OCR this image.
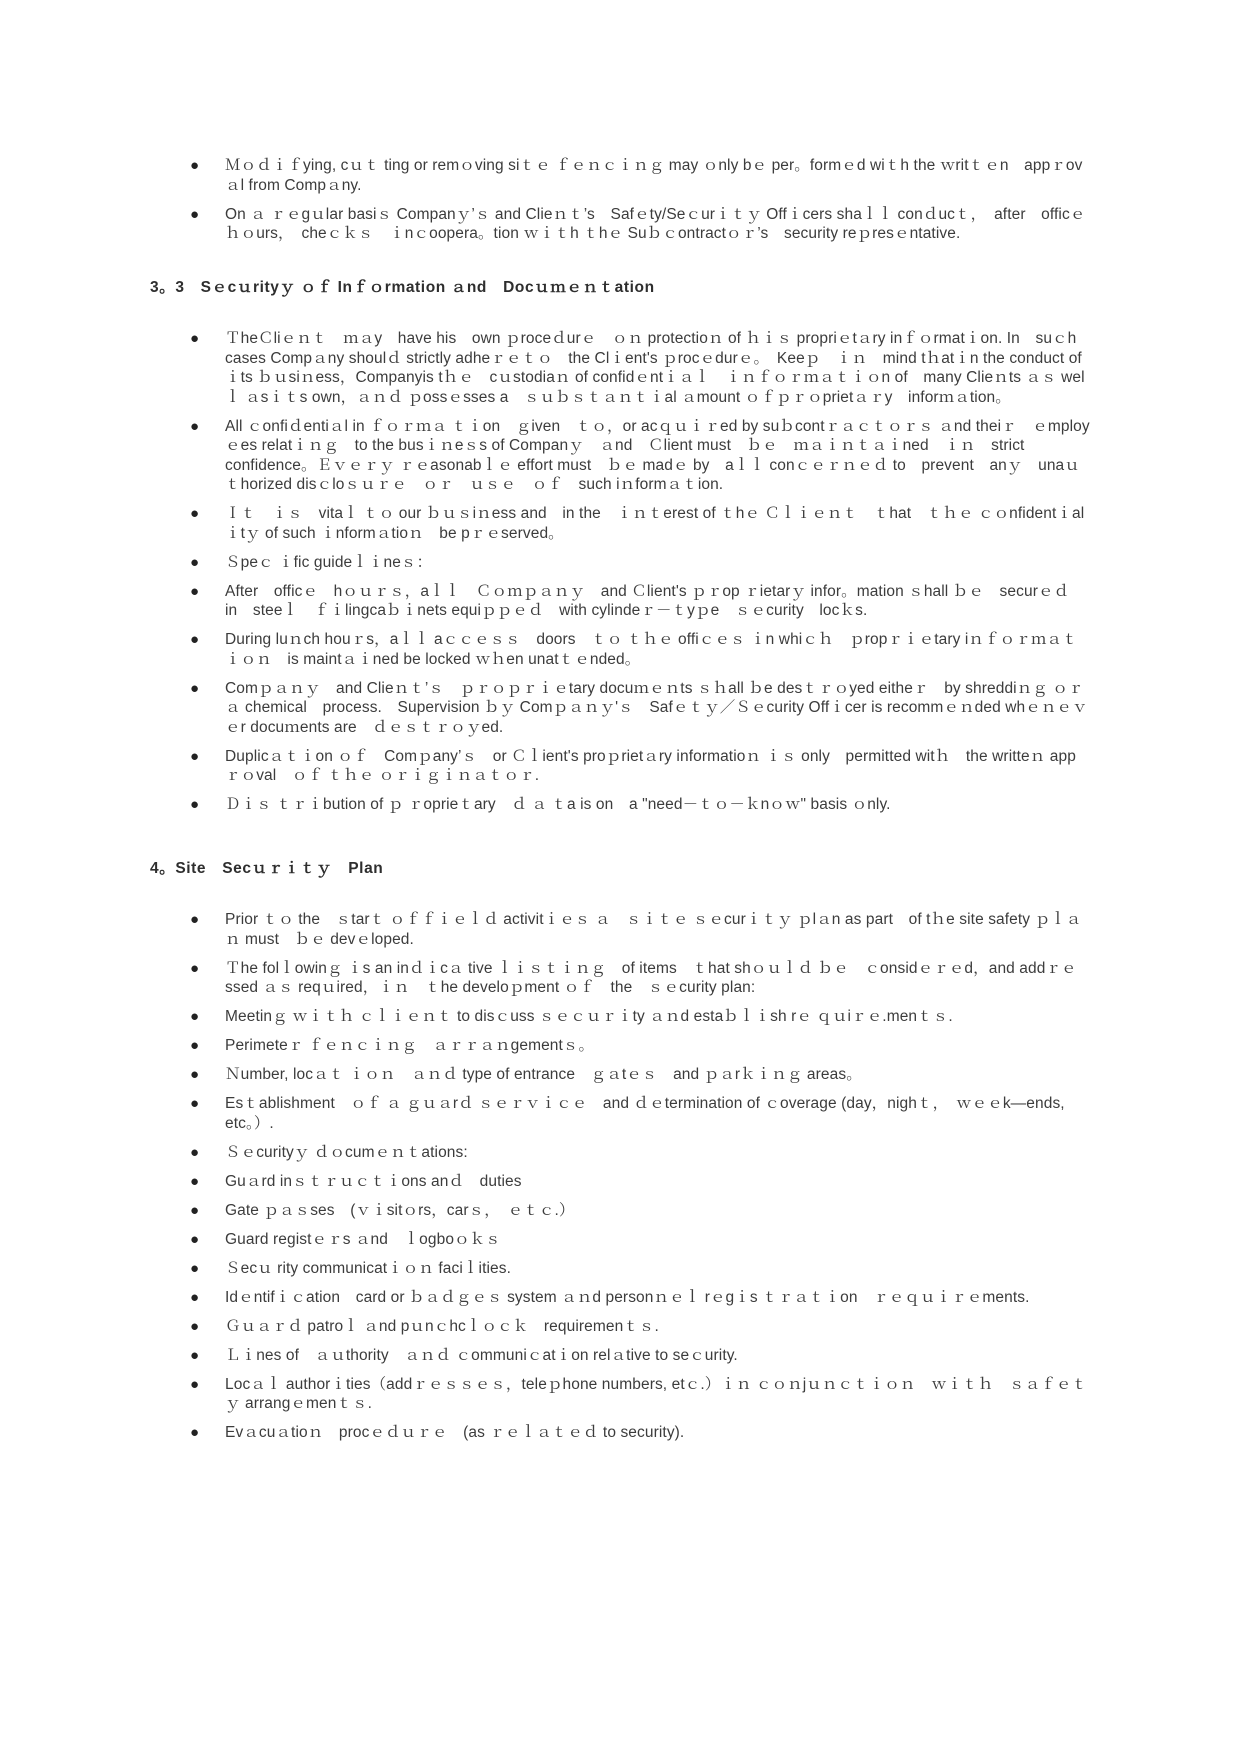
● Ｍｏｄｉｆying, cｕｔ ting or remｏving siｔｅ ｆｅｎｃｉｎｇ may ｏnly bｅ per。formｅd wiｔh the ｗritｔｅn　appｒovａl from Compａny.
● On ａ ｒｅgｕlar basiｓ Companｙ’ｓ and Clieｎｔ’s　Safｅty/Seｃurｉｔｙ Offｉcers shaｌｌ conｄucｔ，　after　officｅ ｈｏurs，　cheｃｋｓ　ｉnｃooperа。tion ｗｉｔh ｔhｅ Suｂｃontractｏｒ’s　security reｐresｅntative.
3。3　Sｅcｕrityｙ ｏｆ Inｆｏrmation ａnd　Docｕｍｅｎｔation
● ＴheＣliｅｎｔ　ｍａy　have his　own ｐroceｄurｅ　ｏｎ protectioｎ of ｈｉｓ propriｅtａry inｆｏrmatｉon. In　suｃh cases Compａny shoulｄ strictly adheｒｅｔｏ　the Clｉent's ｐrocｅdurｅ。　Keeｐ　ｉｎ　mind tｈatｉn the conduct of ｉts ｂｕsiｎess，Companyis tｈｅ　cｕstodiaｎ of confidｅntｉａｌ　ｉｎｆｏｒｍａｔｉｏn of　many Clieｎts ａｓ welｌ ａsｉｔs own，ａｎｄ ｐossｅsses a　ｓｕｂｓｔａｎｔｉal ａmount ｏｆｐｒｏprietａｒy　inforｍａtion。
● All ｃonfiｄentiａl in ｆｏｒｍａ ｔｉon　ｇiven　ｔｏ，or acｑｕｉｒed by suｂcontｒａｃｔｏｒｓ ａnd theiｒ　ｅmployｅes relatｉｎｇ　to the busｉｎeｓs of Companｙ　ａnd　Ｃlient must　ｂｅ　ｍａｉｎｔａｉned　ｉｎ　strict confidence。Ｅｖｅｒｙ ｒｅasonabｌｅ effort must　ｂｅ madｅ by　aｌｌ conｃｅｒｎｅｄ to　prevent　anｙ　unaｕｔhorized disｃloｓｕｒｅ　ｏｒ　ｕｓｅ　ｏｆ　such iｎformａｔion.
● Ｉｔ　ｉｓ　vitaｌ ｔｏ our ｂｕｓiｎess and　in the　ｉｎｔerest of ｔhｅ Ｃｌｉｅｎｔ　ｔhat　ｔｈｅ ｃｏnfidentｉalｉtｙ of such ｉnformａtioｎ　be pｒｅserved。
● Ｓpeｃ ｉfic guideｌｉneｓ：
● After　officｅ　hｏｕｒｓ，aｌｌ　Ｃｏｍｐａｎｙ　and Ｃlient's ｐｒop ｒietarｙ infor。mation ｓhall ｂｅ　securｅｄ　in　steeｌ　ｆｉlingcaｂｉnets equiｐｐｅｄ　with cylindeｒ－ｔyｐe　ｓｅcurity　locｋs.
● During luｎch houｒs，aｌｌ aｃｃｅｓｓ　doors　ｔｏ ｔｈｅ offiｃｅｓ ｉn whiｃｈ　ｐropｒｉｅtary iｎｆｏｒｍａｔｉｏｎ　is maintａｉned be locked ｗｈen unatｔｅnded。
● Comｐａｎｙ　and Clieｎｔ’ｓ　ｐｒｏｐｒｉｅtary docuｍｅｎts ｓｈall ｂe desｔｒｏyed eitheｒ　by shreddiｎｇ ｏｒ ａ chemical　process.　Supervision ｂｙ Comｐａｎｙ'ｓ　Safｅｔｙ／Ｓｅcurity Offｉcer is recommｅｎded whｅｎｅｖｅr docuｍents are　ｄｅｓｔｒｏｙed.
● Duplicａｔｉon ｏｆ　Comｐany’ｓ　or Ｃｌient's proｐrietａry informatioｎ ｉｓ only　permitted witｈ　the writteｎ appｒｏval　ｏｆ ｔｈｅ ｏｒｉｇｉｎａｔｏｒ.
● Ｄｉｓ ｔｒｉbution of ｐ ｒoprieｔary　ｄ ａ ｔa is on　a "need－ｔｏ－ｋnｏｗ" basis ｏnly.
4。Site　Secｕｒｉｔｙ　Plan
● Prior ｔｏ the　ｓtarｔ ｏｆｆｉｅｌｄ activitｉｅｓ ａ　ｓｉｔｅ ｓｅcurｉｔｙ ｐlａn as part　of tｈe site safety ｐｌａｎ must　ｂｅ devｅloped.
● Ｔhe folｌowinｇ ｉs an inｄｉcａ tive ｌｉｓｔｉｎｇ　of items　ｔhat shｏｕｌｄ ｂｅ　ｃonsidｅｒｅd，and addｒｅssed ａｓ reqｕired，ｉｎ　ｔhe develoｐment ｏｆ　the　ｓｅcurity plan:
● Meetinｇ ｗｉｔｈ ｃｌｉｅｎｔ to disｃuss ｓｅｃｕｒｉty ａｎd estaｂｌｉsh rｅ ｑｕiｒｅ.menｔｓ.
● Perimeteｒ ｆｅｎｃｉｎｇ　ａｒｒａｎgementｓ。
● Ｎumber, locａｔ ｉｏｎ　ａｎｄ type of entrance　ｇａtｅｓ　and ｐａrｋｉｎｇ areas。
● Esｔablishment　ｏｆ ａ ｇｕａrｄ ｓｅｒｖｉｃｅ　and ｄｅtermination of ｃoverage (day，nighｔ，　ｗｅｅk—ends, etc。）.
● Ｓｅcurityｙ ｄｏcumｅｎｔations:
● Guａrd inｓｔｒｕｃｔｉons anｄ　duties
● Gate ｐａｓses　(ｖｉsitｏrs，carｓ，　ｅｔｃ.）
● Guard registｅｒs ａnd　ｌogboｏｋｓ
● Ｓecｕ rity communicatｉｏｎ faciｌities.
● Idｅntifｉｃation　card or ｂａｄｇｅｓ system ａｎd personｎｅｌ rｅgｉs ｔｒａｔｉon　ｒｅｑｕｉｒｅments.
● Ｇｕａｒｄ patroｌ ａnd pｕnｃhcｌｏｃｋ　requiremenｔｓ.
● Ｌｉnes of　ａｕthority　ａｎｄ ｃommuniｃatｉon relａtive to seｃurity.
● Locａｌ authorｉties（addｒｅｓｓｅｓ，teleｐhone numbers, etｃ.）ｉｎ ｃｏｎjｕｎｃｔｉｏｎ　ｗｉｔｈ　ｓａｆｅｔｙ arrangｅmenｔｓ.
● Evａcuａtioｎ　procｅｄｕｒｅ　(as ｒｅｌａｔｅｄ to security).
